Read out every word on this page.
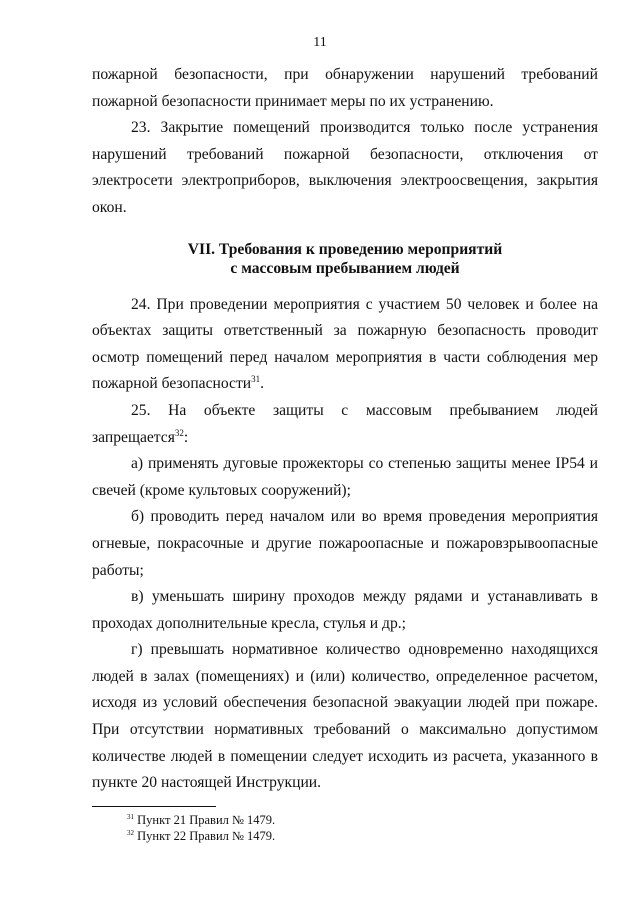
11

пожарной безопасности, при обнаружении нарушений требований пожарной безопасности принимает меры по их устранению.

23. Закрытие помещений производится только после устранения нарушений требований пожарной безопасности, отключения от электросети электроприборов, выключения электроосвещения, закрытия окон.

VII. Требования к проведению мероприятий
с массовым пребыванием людей

24. При проведении мероприятия с участием 50 человек и более на объектах защиты ответственный за пожарную безопасность проводит осмотр помещений перед началом мероприятия в части соблюдения мер пожарной безопасности$^{31}$.

25. На объекте защиты с массовым пребыванием людей запрещается$^{32}$:

а) применять дуговые прожекторы со степенью защиты менее IP54 и свечей (кроме культовых сооружений);

б) проводить перед началом или во время проведения мероприятия огневые, покрасочные и другие пожароопасные и пожаровзрывоопасные работы;

в) уменьшать ширину проходов между рядами и устанавливать в проходах дополнительные кресла, стулья и др.;

г) превышать нормативное количество одновременно находящихся людей в залах (помещениях) и (или) количество, определенное расчетом, исходя из условий обеспечения безопасной эвакуации людей при пожаре. При отсутствии нормативных требований о максимально допустимом количестве людей в помещении следует исходить из расчета, указанного в пункте 20 настоящей Инструкции.

$^{31}$ Пункт 21 Правил № 1479.
$^{32}$ Пункт 22 Правил № 1479.
